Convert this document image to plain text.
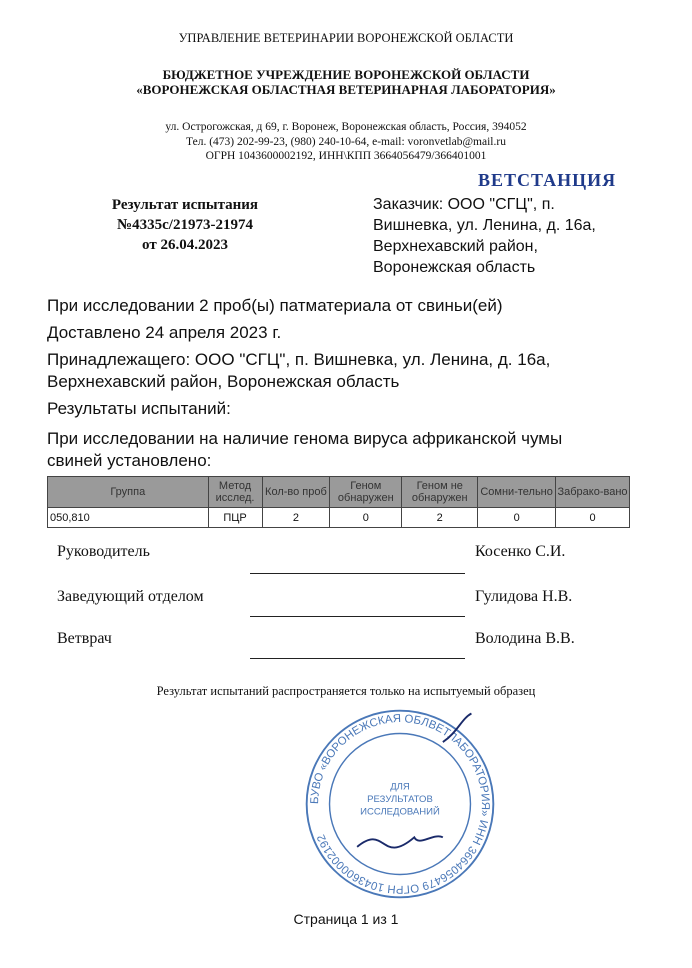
УПРАВЛЕНИЕ ВЕТЕРИНАРИИ ВОРОНЕЖСКОЙ ОБЛАСТИ
БЮДЖЕТНОЕ УЧРЕЖДЕНИЕ ВОРОНЕЖСКОЙ ОБЛАСТИ
«ВОРОНЕЖСКАЯ ОБЛАСТНАЯ ВЕТЕРИНАРНАЯ ЛАБОРАТОРИЯ»
ул. Острогожская, д 69, г. Воронеж, Воронежская область, Россия, 394052
Тел. (473) 202-99-23, (980) 240-10-64, e-mail: voronvetlab@mail.ru
ОГРН 1043600002192, ИНН\КПП 3664056479/366401001
ВЕТСТАНЦИЯ
Результат испытания
№4335с/21973-21974
от 26.04.2023
Заказчик: ООО "СГЦ", п.
Вишневка, ул. Ленина, д. 16а,
Верхнехавский район,
Воронежская область
При исследовании 2 проб(ы) патматериала от свиньи(ей)
Доставлено 24 апреля 2023 г.
Принадлежащего: ООО "СГЦ", п. Вишневка, ул. Ленина, д. 16а,
Верхнехавский район, Воронежская область
Результаты испытаний:
При исследовании на наличие генома вируса африканской чумы
свиней установлено:
Группа	Метод исслед.	Кол-во проб	Геном обнаружен	Геном не обнаружен	Сомни-тельно	Забрако-вано
050,810	ПЦР	2	0	2	0	0
Руководитель	Косенко С.И.
Заведующий отделом	Гулидова Н.В.
Ветврач	Володина В.В.
Результат испытаний распространяется только на испытуемый образец
БУВО «ВОРОНЕЖСКАЯ ОБЛВЕТЛАБОРАТОРИЯ» ИНН 3664056479 ОГРН 1043600002192
ДЛЯ РЕЗУЛЬТАТОВ ИССЛЕДОВАНИЙ
Страница 1 из 1
